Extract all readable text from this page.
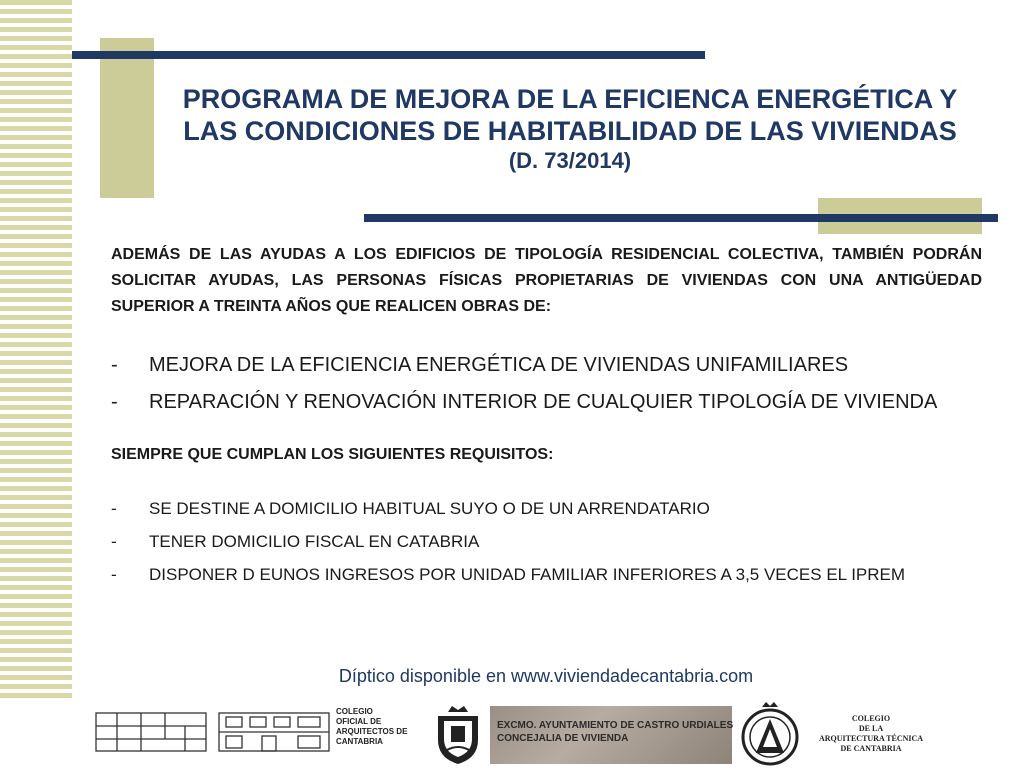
PROGRAMA DE MEJORA DE LA EFICIENCA ENERGÉTICA Y
LAS CONDICIONES DE HABITABILIDAD DE LAS VIVIENDAS
(D. 73/2014)
ADEMÁS DE LAS AYUDAS A LOS EDIFICIOS DE TIPOLOGÍA RESIDENCIAL COLECTIVA, TAMBIÉN PODRÁN SOLICITAR AYUDAS, LAS PERSONAS FÍSICAS PROPIETARIAS DE VIVIENDAS CON UNA ANTIGÜEDAD SUPERIOR A TREINTA AÑOS QUE REALICEN OBRAS DE:
- MEJORA DE LA EFICIENCIA ENERGÉTICA DE VIVIENDAS UNIFAMILIARES
- REPARACIÓN Y RENOVACIÓN INTERIOR DE CUALQUIER TIPOLOGÍA DE VIVIENDA
SIEMPRE QUE CUMPLAN LOS SIGUIENTES REQUISITOS:
- SE DESTINE A DOMICILIO HABITUAL SUYO O DE UN ARRENDATARIO
- TENER DOMICILIO FISCAL EN CATABRIA
- DISPONER D EUNOS INGRESOS POR UNIDAD FAMILIAR INFERIORES A 3,5 VECES EL IPREM
Díptico disponible en www.viviendadecantabria.com
COLEGIO
OFICIAL DE
ARQUITECTOS DE
CANTABRIA
EXCMO. AYUNTAMIENTO DE CASTRO URDIALES
CONCEJALIA DE VIVIENDA
COLEGIO
DE LA
ARQUITECTURA TÉCNICA
DE CANTABRIA
